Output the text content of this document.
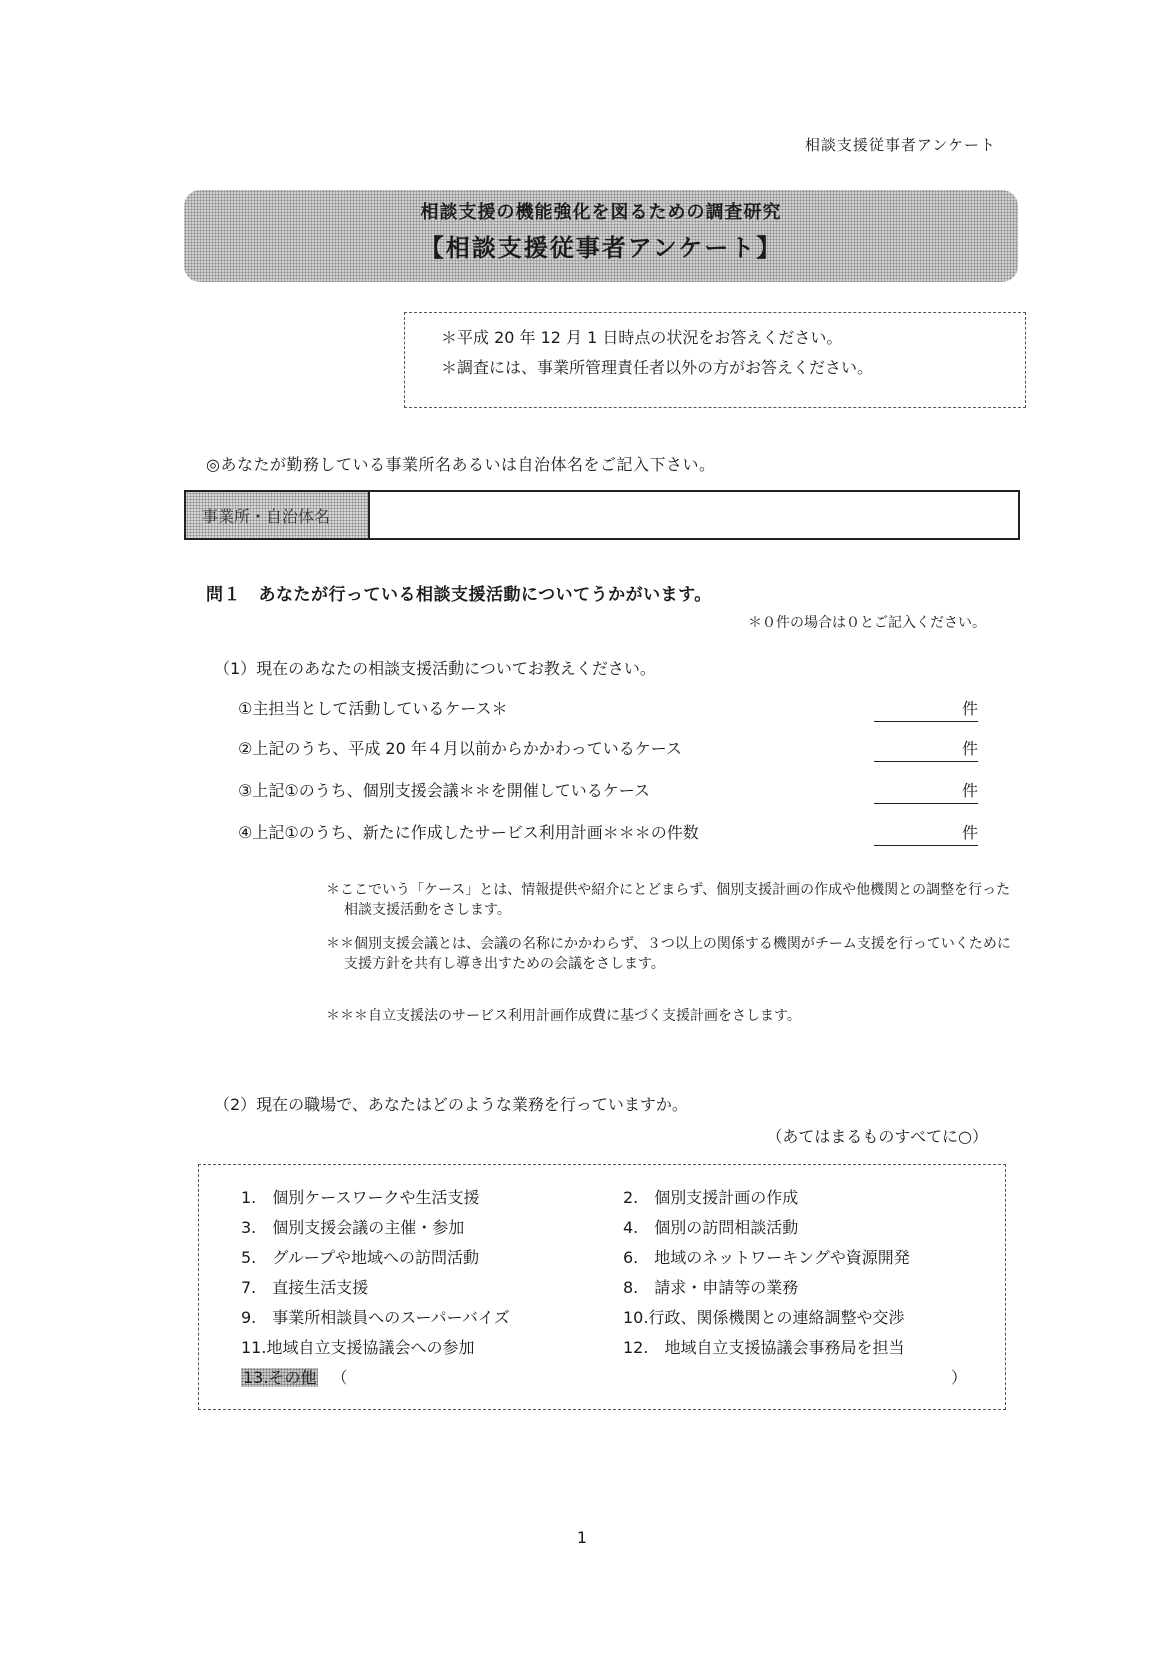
相談支援従事者アンケート
相談支援の機能強化を図るための調査研究
【相談支援従事者アンケート】
＊平成 20 年 12 月 1 日時点の状況をお答えください。
＊調査には、事業所管理責任者以外の方がお答えください。
◎あなたが勤務している事業所名あるいは自治体名をご記入下さい。
事業所・自治体名
問１　あなたが行っている相談支援活動についてうかがいます。
＊０件の場合は０とご記入ください。
（1）現在のあなたの相談支援活動についてお教えください。
①主担当として活動しているケース＊	件
②上記のうち、平成 20 年４月以前からかかわっているケース	件
③上記①のうち、個別支援会議＊＊を開催しているケース	件
④上記①のうち、新たに作成したサービス利用計画＊＊＊の件数	件
＊ここでいう「ケース」とは、情報提供や紹介にとどまらず、個別支援計画の作成や他機関との調整を行った相談支援活動をさします。
＊＊個別支援会議とは、会議の名称にかかわらず、３つ以上の関係する機関がチーム支援を行っていくために支援方針を共有し導き出すための会議をさします。
＊＊＊自立支援法のサービス利用計画作成費に基づく支援計画をさします。
（2）現在の職場で、あなたはどのような業務を行っていますか。
（あてはまるものすべてに○）
1.　個別ケースワークや生活支援	2.　個別支援計画の作成
3.　個別支援会議の主催・参加	4.　個別の訪問相談活動
5.　グループや地域への訪問活動	6.　地域のネットワーキングや資源開発
7.　直接生活支援	8.　請求・申請等の業務
9.　事業所相談員へのスーパーバイズ	10.行政、関係機関との連絡調整や交渉
11.地域自立支援協議会への参加	12.　地域自立支援協議会事務局を担当
13.その他 （	）
1
